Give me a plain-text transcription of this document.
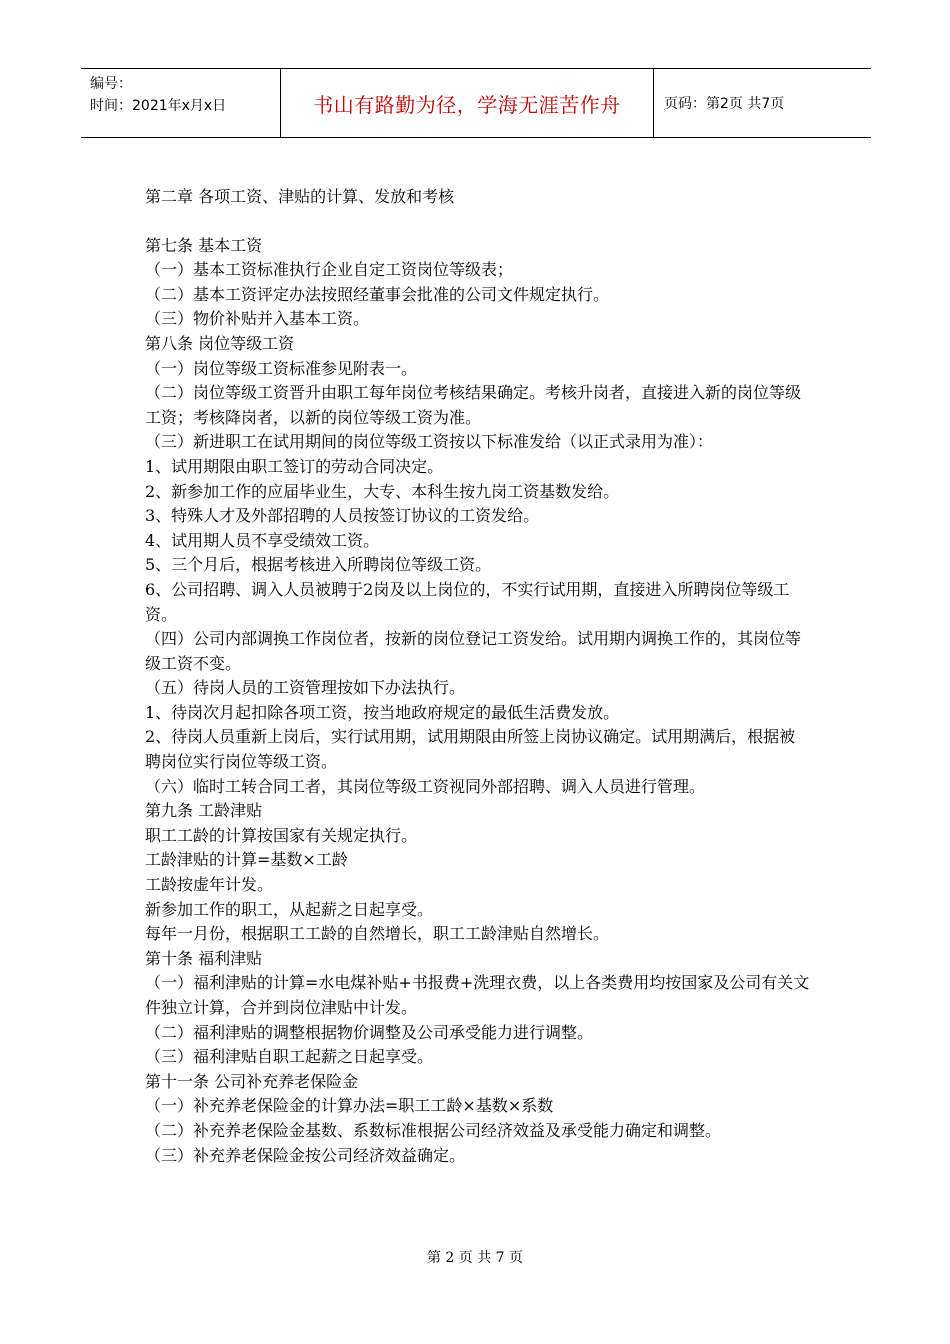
编号：
时间：2021年x月x日	书山有路勤为径，学海无涯苦作舟	页码：第2页 共7页

第二章 各项工资、津贴的计算、发放和考核

第七条 基本工资

（一）基本工资标准执行企业自定工资岗位等级表；

（二）基本工资评定办法按照经董事会批准的公司文件规定执行。

（三）物价补贴并入基本工资。

第八条 岗位等级工资

（一）岗位等级工资标准参见附表一。

（二）岗位等级工资晋升由职工每年岗位考核结果确定。考核升岗者，直接进入新的岗位等级工资；考核降岗者，以新的岗位等级工资为准。

（三）新进职工在试用期间的岗位等级工资按以下标准发给（以正式录用为准）：

1、试用期限由职工签订的劳动合同决定。

2、新参加工作的应届毕业生，大专、本科生按九岗工资基数发给。

3、特殊人才及外部招聘的人员按签订协议的工资发给。

4、试用期人员不享受绩效工资。

5、三个月后，根据考核进入所聘岗位等级工资。

6、公司招聘、调入人员被聘于2岗及以上岗位的，不实行试用期，直接进入所聘岗位等级工资。

（四）公司内部调换工作岗位者，按新的岗位登记工资发给。试用期内调换工作的，其岗位等级工资不变。

（五）待岗人员的工资管理按如下办法执行。

1、待岗次月起扣除各项工资，按当地政府规定的最低生活费发放。

2、待岗人员重新上岗后，实行试用期，试用期限由所签上岗协议确定。试用期满后，根据被聘岗位实行岗位等级工资。

（六）临时工转合同工者，其岗位等级工资视同外部招聘、调入人员进行管理。

第九条 工龄津贴

职工工龄的计算按国家有关规定执行。

工龄津贴的计算=基数×工龄

工龄按虚年计发。

新参加工作的职工，从起薪之日起享受。

每年一月份，根据职工工龄的自然增长，职工工龄津贴自然增长。

第十条 福利津贴

（一）福利津贴的计算=水电煤补贴+书报费+洗理衣费，以上各类费用均按国家及公司有关文件独立计算，合并到岗位津贴中计发。

（二）福利津贴的调整根据物价调整及公司承受能力进行调整。

（三）福利津贴自职工起薪之日起享受。

第十一条 公司补充养老保险金

（一）补充养老保险金的计算办法=职工工龄×基数×系数

（二）补充养老保险金基数、系数标准根据公司经济效益及承受能力确定和调整。

（三）补充养老保险金按公司经济效益确定。

第 2 页 共 7 页
